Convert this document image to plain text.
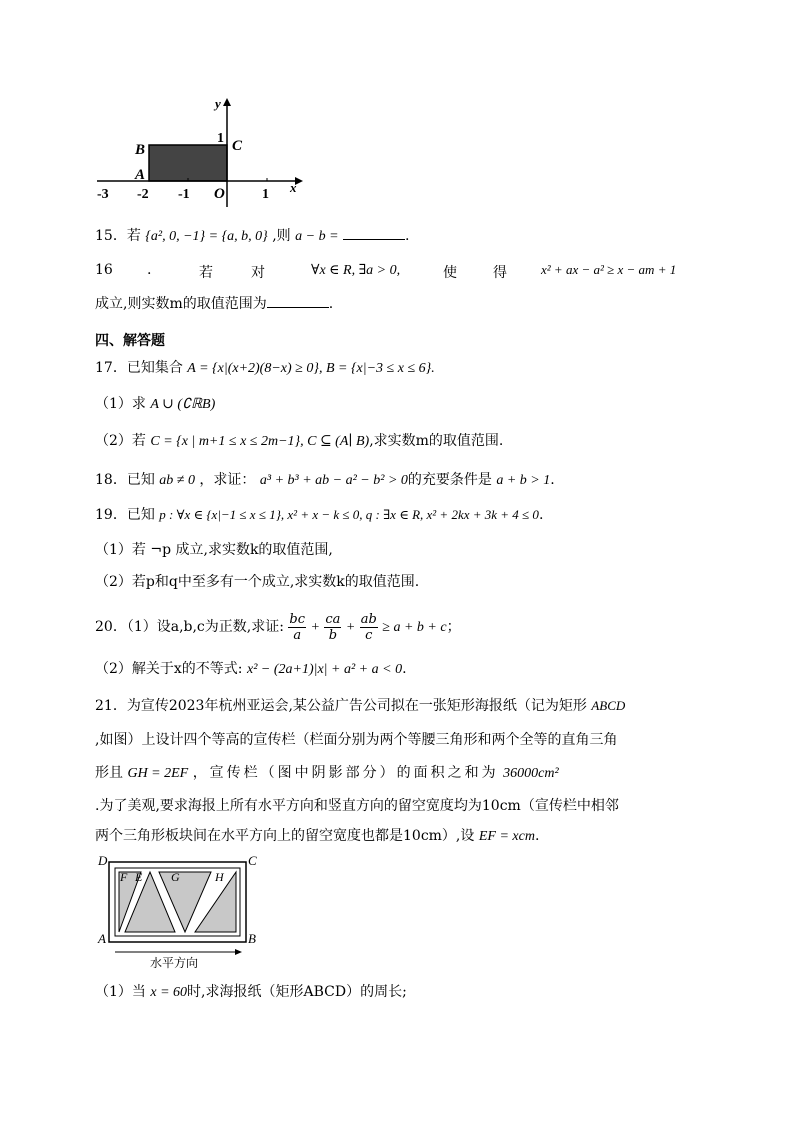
y
x
1 C
B
A
-3 -2 -1 O	1
15．若 {a², 0, −1} = {a, b, 0} ,则 a − b =	.
16 .	若	对	∀x ∈ R, ∃a > 0,	使	得	x² + ax − a² ≥ x − am + 1
成立,则实数m的取值范围为	.
四、解答题
17．已知集合 A = {x|(x+2)(8−x) ≥ 0}, B = {x|−3 ≤ x ≤ 6}.
（1）求 A ∪ (∁ℝB)
（2）若 C = {x | m+1 ≤ x ≤ 2m−1}, C ⊆ (A∣ B),求实数m的取值范围.
18．已知 ab ≠ 0 ，求证： a³ + b³ + ab − a² − b² > 0的充要条件是 a + b > 1.
19．已知 p : ∀x ∈ {x|−1 ≤ x ≤ 1}, x² + x − k ≤ 0, q : ∃x ∈ R, x² + 2kx + 3k + 4 ≤ 0.
（1）若 ¬p 成立,求实数k的取值范围,
（2）若p和q中至多有一个成立,求实数k的取值范围.
20．（1）设a,b,c为正数,求证: $\frac{bc}{a} + \frac{ca}{b} + \frac{ab}{c} \ge a + b + c$；
（2）解关于x的不等式: x² − (2a+1)|x| + a² + a < 0.
21．为宣传2023年杭州亚运会,某公益广告公司拟在一张矩形海报纸（记为矩形 ABCD
,如图）上设计四个等高的宣传栏（栏面分别为两个等腰三角形和两个全等的直角三角
形且 GH = 2EF ，宣传栏（图中阴影部分）的面积之和为 36000cm²
.为了美观,要求海报上所有水平方向和竖直方向的留空宽度均为10cm（宣传栏中相邻
两个三角形板块间在水平方向上的留空宽度也都是10cm）,设 EF = xcm.
D	C
A	B
F E G	H
水平方向
（1）当 x = 60时,求海报纸（矩形ABCD）的周长;
